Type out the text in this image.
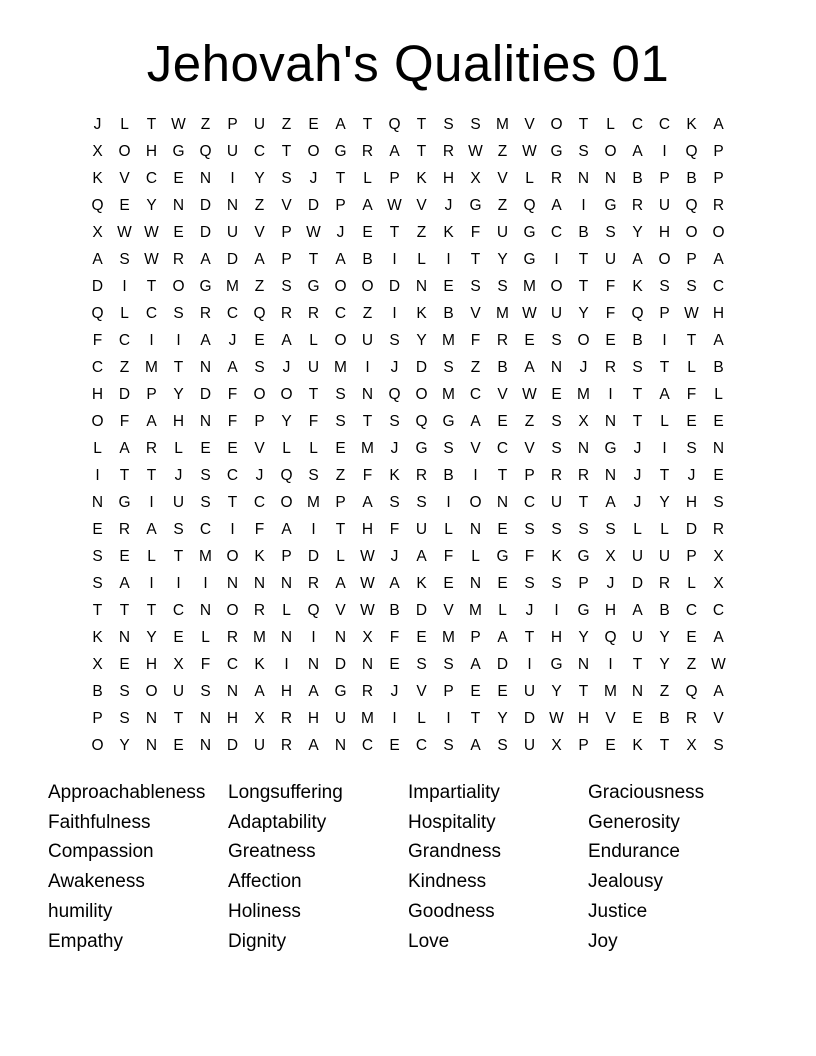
Jehovah's Qualities 01
J	L	T W Z	P	U	Z	E	A	T	Q	T	S	S M V	O	T	L	C	C	K	A
X	O H G Q U	C	T	O G R	A	T	R W Z W G	S	O	A	I	Q	P
K	V	C	E	N	I	Y	S	J	T	L	P	K	H	X	V	L	R	N	N	B	P	B	P
Q	E	Y	N	D	N	Z	V	D	P	A W V	J	G	Z	Q	A	I	G R	U Q R
X W W E	D	U	V	P W	J	E	T	Z	K	F	U G C	B	S	Y	H O O
A	S W R	A	D	A	P	T	A	B	I	L	I	T	Y	G	I	T	U	A	O	P	A
D	I	T	O G M	Z	S	G O O D	N	E	S	S M O	T	F	K	S	S	C
Q	L	C	S	R	C Q R	R	C	Z	I	K	B	V M W U	Y	F	Q	P W H
F	C	I	I	A	J	E	A	L	O U	S	Y M	F	R	E	S	O	E	B	I	T	A
C	Z	M	T	N	A	S	J	U M	I	J	D	S	Z	B	A	N	J	R	S	T	L	B
H	D	P	Y	D	F	O O	T	S	N Q O M C	V W E M	I	T	A	F	L
O	F	A	H	N	F	P	Y	F	S	T	S	Q G	A	E	Z	S	X	N	T	L	E	E
L	A	R	L	E	E	V	L	L	E M	J	G	S	V	C	V	S	N G	J	I	S	N
I	T	T	J	S	C	J	Q	S	Z	F	K	R	B	I	T	P	R	R	N	J	T	J	E
N G	I	U	S	T	C O M P	A	S	S	I	O N	C	U	T	A	J	Y	H	S
E	R	A	S	C	I	F	A	I	T	H	F	U	L	N	E	S	S	S	S	L	L	D	R
S	E	L	T	M O	K	P	D	L W	J	A	F	L	G	F	K	G	X	U	U	P	X
S	A	I	I	I	N	N	N	R	A W A	K	E	N	E	S	S	P	J	D	R	L	X
T	T	T	C	N O R	L	Q	V W B	D	V M	L	J	I	G H	A	B	C	C
K	N	Y	E	L	R M N	I	N	X	F	E M P	A	T	H	Y	Q U	Y	E	A
X	E	H	X	F	C	K	I	N	D	N	E	S	S	A	D	I	G N	I	T	Y	Z W
B	S	O U	S	N	A	H	A	G R	J	V	P	E	E	U	Y	T	M N	Z	Q	A
P	S	N	T	N	H	X	R	H	U M	I	L	I	T	Y	D W H	V	E	B	R	V
O	Y	N	E	N	D	U	R	A	N	C	E	C	S	A	S	U	X	P	E	K	T	X	S
Approachableness	Longsuffering	Impartiality	Graciousness
Faithfulness	Adaptability	Hospitality	Generosity
Compassion	Greatness	Grandness	Endurance
Awakeness	Affection	Kindness	Jealousy
humility	Holiness	Goodness	Justice
Empathy	Dignity	Love	Joy
